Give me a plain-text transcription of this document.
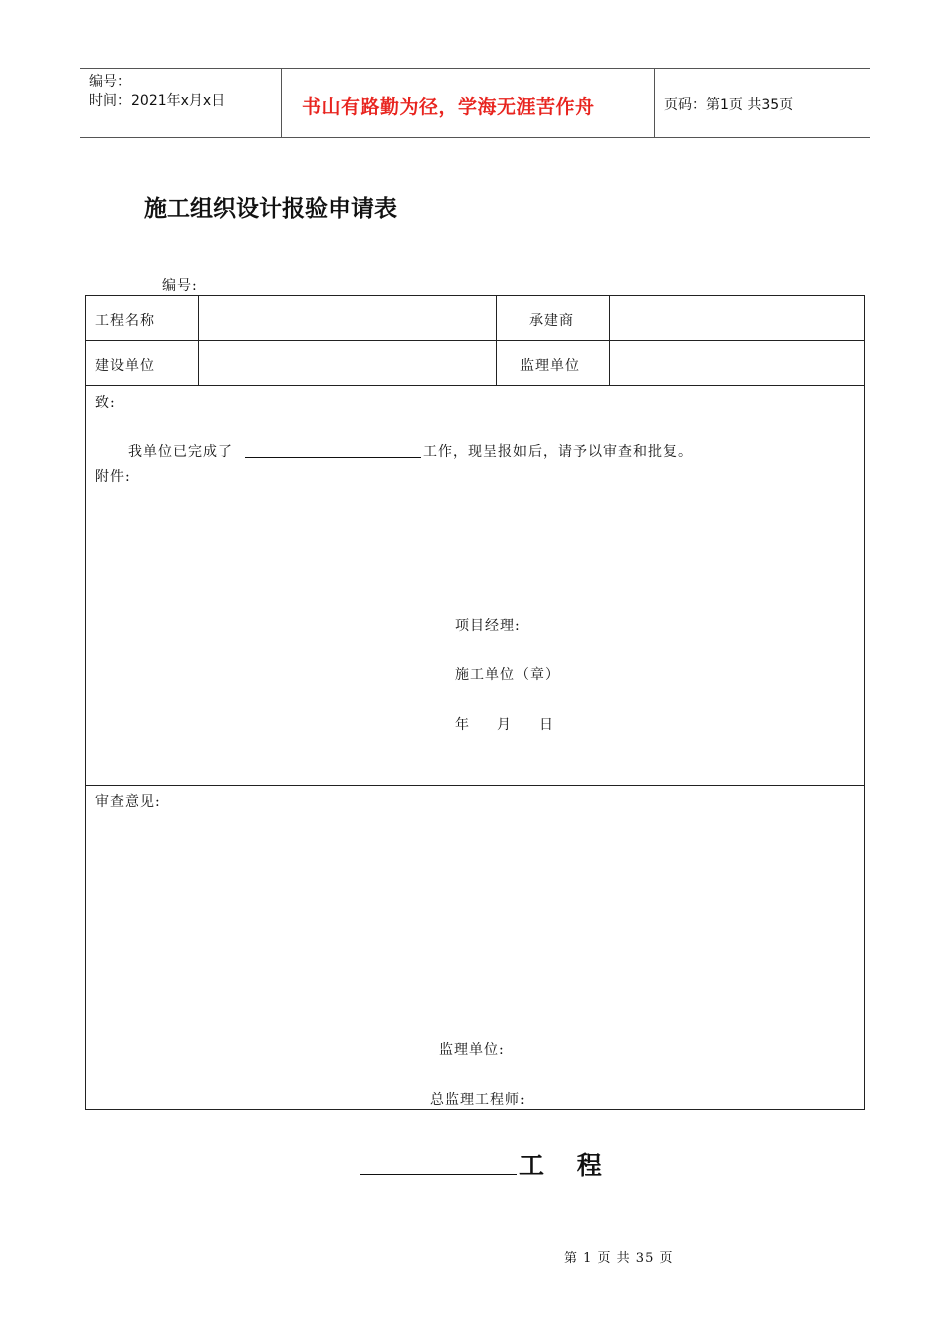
编号：
时间：2021年x月x日	书山有路勤为径，学海无涯苦作舟	页码：第1页 共35页
施工组织设计报验申请表
编号:
工程名称	承建商
建设单位	监理单位
致:
我单位已完成了	工作，现呈报如后，请予以审查和批复。
附件:
项目经理:
施工单位（章）
年 月 日
审查意见:
监理单位:
总监理工程师:
工 程
第 1 页 共 35 页
